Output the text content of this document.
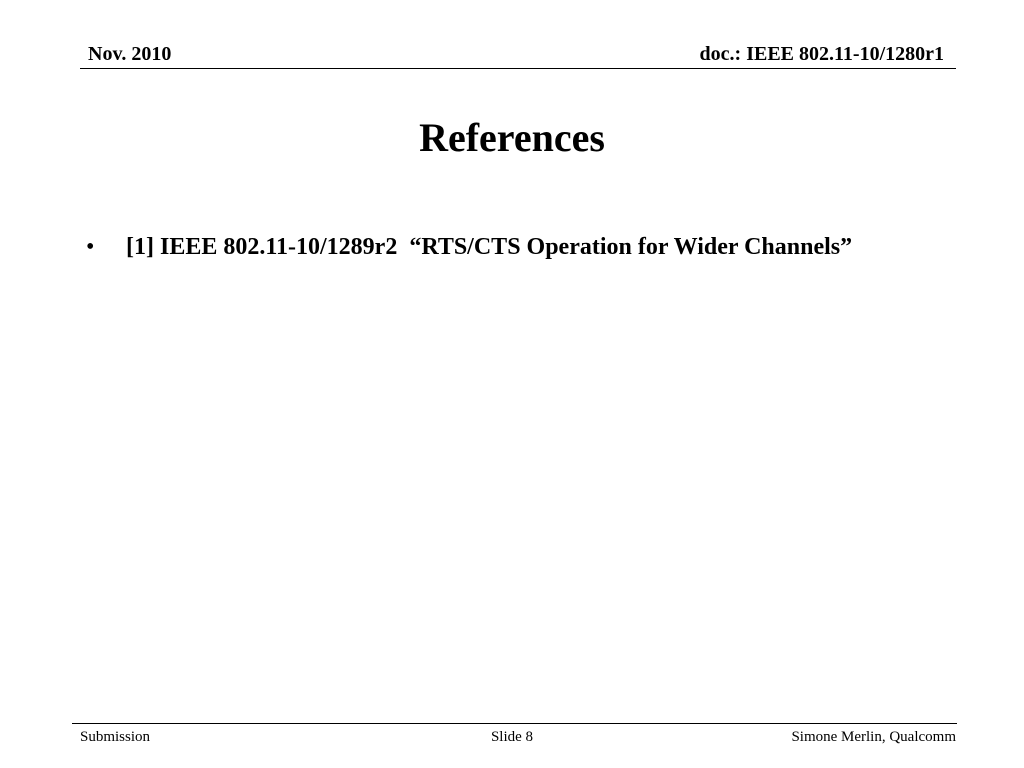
Nov. 2010	doc.: IEEE 802.11-10/1280r1
References
• [1] IEEE 802.11-10/1289r2  “RTS/CTS Operation for Wider Channels”
Submission	Slide 8	Simone Merlin, Qualcomm
